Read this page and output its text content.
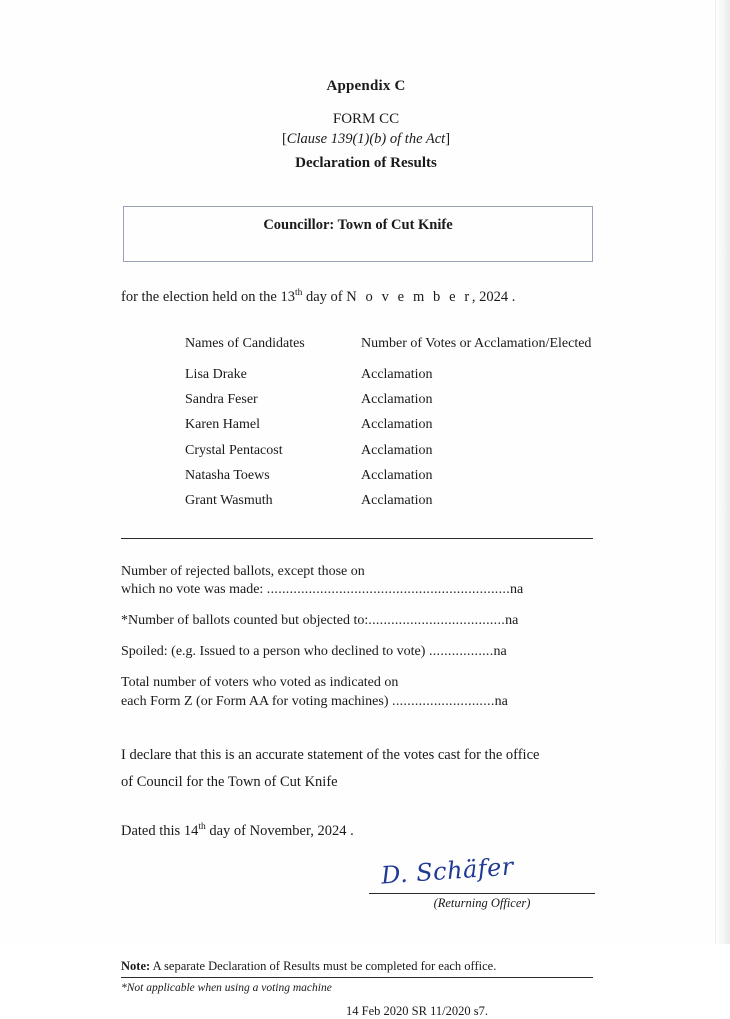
Appendix C
FORM CC
[Clause 139(1)(b) of the Act]
Declaration of Results
Councillor: Town of Cut Knife
for the election held on the 13th day of N o v e m b e r, 2024 .
Names of Candidates	Number of Votes or Acclamation/Elected
Lisa Drake	Acclamation
Sandra Feser	Acclamation
Karen Hamel	Acclamation
Crystal Pentacost	Acclamation
Natasha Toews	Acclamation
Grant Wasmuth	Acclamation
Number of rejected ballots, except those on
which no vote was made: ................................................................na
*Number of ballots counted but objected to:....................................na
Spoiled: (e.g. Issued to a person who declined to vote) .................na
Total number of voters who voted as indicated on
each Form Z (or Form AA for voting machines) ...........................na
I declare that this is an accurate statement of the votes cast for the office
of Council for the Town of Cut Knife
Dated this 14th day of November, 2024 .
D. Schäfer
(Returning Officer)
Note: A separate Declaration of Results must be completed for each office.
*Not applicable when using a voting machine
14 Feb 2020 SR 11/2020 s7.
